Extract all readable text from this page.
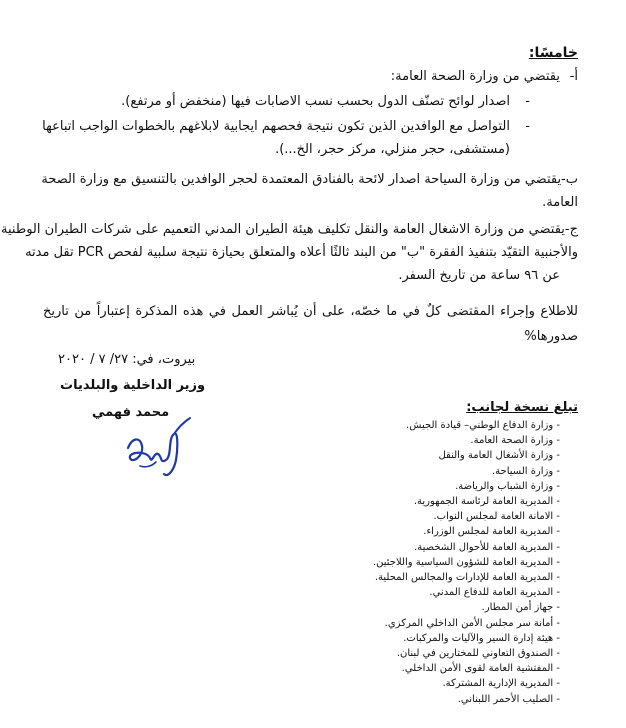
خامسًا:
أ-
يقتضي من وزارة الصحة العامة:
-
اصدار لوائح تصنّف الدول بحسب نسب الاصابات فيها (منخفض أو مرتفع).
-
التواصل مع الوافدين الذين تكون نتيجة فحصهم ايجابية لابلاغهم بالخطوات الواجب اتباعها
(مستشفى، حجر منزلي، مركز حجر، الخ...).
ب-يقتضي من وزارة السياحة اصدار لائحة بالفنادق المعتمدة لحجر الوافدين بالتنسيق مع وزارة الصحة
العامة.
ج-يقتضي من وزارة الاشغال العامة والنقل تكليف هيئة الطيران المدني التعميم على شركات الطيران الوطنية
والأجنبية التقيّد بتنفيذ الفقرة "ب" من البند ثالثًا أعلاه والمتعلق بحيازة نتيجة سلبية لفحص PCR تقل مدته
عن ٩٦ ساعة من تاريخ السفر.
للاطلاع وإجراء المقتضى كلٌ في ما خصّه، على أن يُباشر العمل في هذه المذكرة إعتباراً من تاريخ
صدورها%
بيروت، في: ٢٧/ ٧ / ٢٠٢٠
وزير الداخلية والبلديات
محمد فهمي	تبلغ نسخة لجانب:
- وزارة الدفاع الوطني– قيادة الجيش.
- وزارة الصحة العامة.
- وزارة الأشغال العامة والنقل
- وزارة السياحة.
- وزارة الشباب والرياضة.
- المديرية العامة لرئاسة الجمهورية.
- الامانة العامة لمجلس النواب.
- المديرية العامة لمجلس الوزراء.
- المديرية العامة للأحوال الشخصية.
- المديرية العامة للشؤون السياسية واللاجئين.
- المديرية العامة للإدارات والمجالس المحلية.
- المديرية العامة للدفاع المدني.
- جهاز أمن المطار.
- أمانة سر مجلس الأمن الداخلي المركزي.
- هيئة إدارة السير والآليات والمركبات.
- الصندوق التعاوني للمختارين في لبنان.
- المفتشية العامة لقوى الأمن الداخلي.
- المديرية الإدارية المشتركة.
- الصليب الأحمر اللبناني.
